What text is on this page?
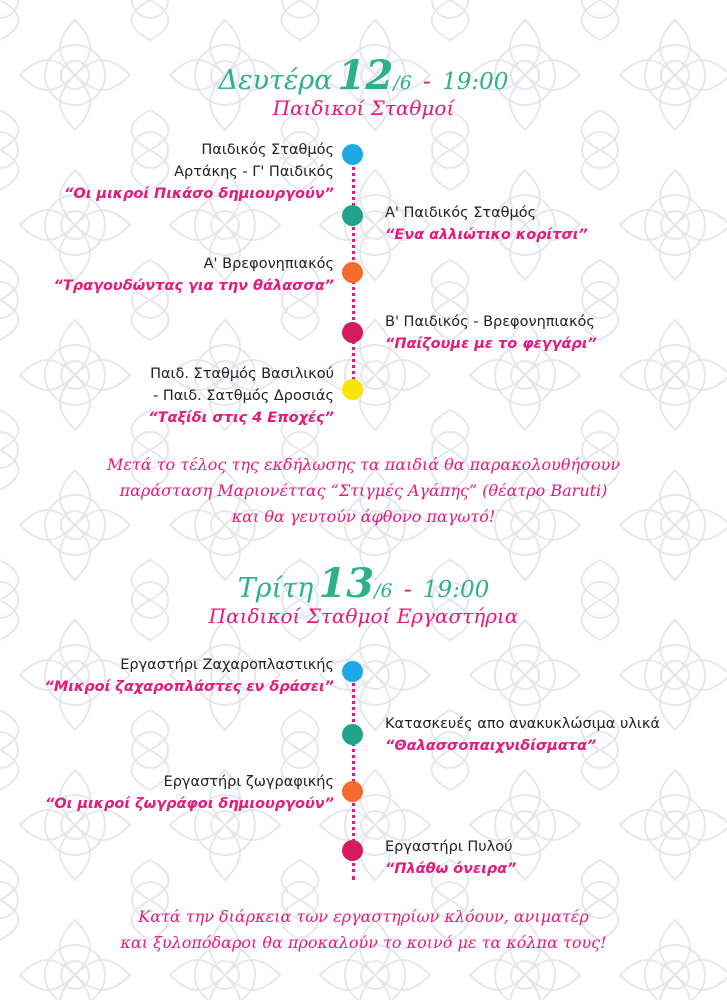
Δευτέρα 12/6 - 19:00
Παιδικοί Σταθμοί
Παιδικός Σταθμός
Αρτάκης - Γ' Παιδικός
“Οι μικροί Πικάσο δημιουργούν”
Α' Παιδικός Σταθμός
“Ενα αλλιώτικο κορίτσι”
Α' Βρεφονηπιακός
“Τραγουδώντας για την θάλασσα”
Β' Παιδικός - Βρεφονηπιακός
“Παίζουμε με το φεγγάρι”
Παιδ. Σταθμός Βασιλικού
- Παιδ. Σατθμός Δροσιάς
“Ταξίδι στις 4 Εποχές”
Μετά το τέλος της εκδήλωσης τα παιδιά θα παρακολουθήσουν
παράσταση Μαριονέττας “Στιγμές Αγάπης” (θέατρο Baruti)
και θα γευτούν άφθονο παγωτό!
Τρίτη 13/6 - 19:00
Παιδικοί Σταθμοί Εργαστήρια
Εργαστήρι Ζαχαροπλαστικής
“Μικροί ζαχαροπλάστες εν δράσει”
Κατασκευές απο ανακυκλώσιμα υλικά
“Θαλασσοπαιχνιδίσματα”
Εργαστήρι ζωγραφικής
“Οι μικροί ζωγράφοι δημιουργούν”
Εργαστήρι Πυλού
“Πλάθω όνειρα”
Κατά την διάρκεια των εργαστηρίων κλόουν, ανιματέρ
και ξυλοπόδαροι θα προκαλούν το κοινό με τα κόλπα τους!
